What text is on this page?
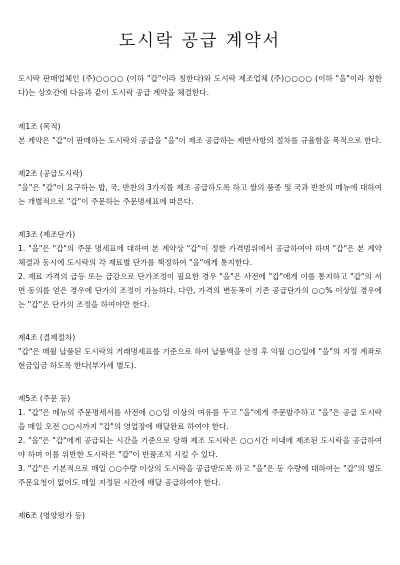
도시락 공급 계약서

도시락 판매업체인 (주)○○○○ (이하 "갑"이라 칭한다)와 도시락 제조업체 (주)○○○○ (이하 "을"이라 칭한다)는 상호간에 다음과 같이 도시락 공급 계약을 체결한다.

제1조 (목적)

본 계약은 "갑"이 판매하는 도시락의 공급을 "을"이 제조 공급하는 제반사항의 절차를 규율함을 목적으로 한다.

제2조 (공급도시락)

"을"은 "갑"이 요구하는 밥, 국, 반찬의 3가지를 제조 공급하도록 하고 쌀의 품종 및 국과 반찬의 메뉴에 대하여는 개별적으로 "갑"이 주문하는 주문명세표에 따른다.

제3조 (제조단가)

1. "을"은 "갑"의 주문 명세표에 대하여 본 계약상 "갑"이 정한 가격범위에서 공급하여야 하며 "갑"은 본 계약 체결과 동시에 도시락의 각 재료별 단가를 책정하여 "을"에게 통지한다.

2. 재료 가격의 급등 또는 급감으로 단가조정이 필요한 경우 "을"은 사전에 "갑"에게 이를 통지하고 "갑"의 서면 동의를 얻은 경우에 단가의 조정이 가능하다. 다만, 가격의 변동폭이 기존 공급단가의 ○○% 이상일 경우에는 "갑"은 단가의 조정을 하여야만 한다.

제4조 (결제절차)

"갑"은 매월 납품된 도시락의 거래명세표를 기준으로 하여 납품액을 산정 후 익월 ○○일에 "을"의 지정 계좌로 현금입금 하도록 한다(부가세 별도).

제5조 (주문 등)

1. "갑"은 메뉴의 주문명세서를 사전에 ○○일 이상의 여유를 두고 "을"에게 주문발주하고 "을"은 공급 도시락을 매일 오전 ○○시까지 "갑"의 영업장에 배달완료 하여야 한다.

2. "을"은 "갑"에게 공급되는 시간을 기준으로 당해 제조 도시락은 ○○시간 이내에 제조된 도시락을 공급하여야 하며 이를 위반한 도시락은 "갑"이 반품조치 시킬 수 있다.

3. "갑"은 기본적으로 매일 ○○수량 이상의 도시락을 공급받도록 하고 "을"은 동 수량에 대하여는 "갑"의 별도 주문요청이 없어도 매일 지정된 시간에 배달 공급하여야 한다.

제6조 (영양평가 등)
